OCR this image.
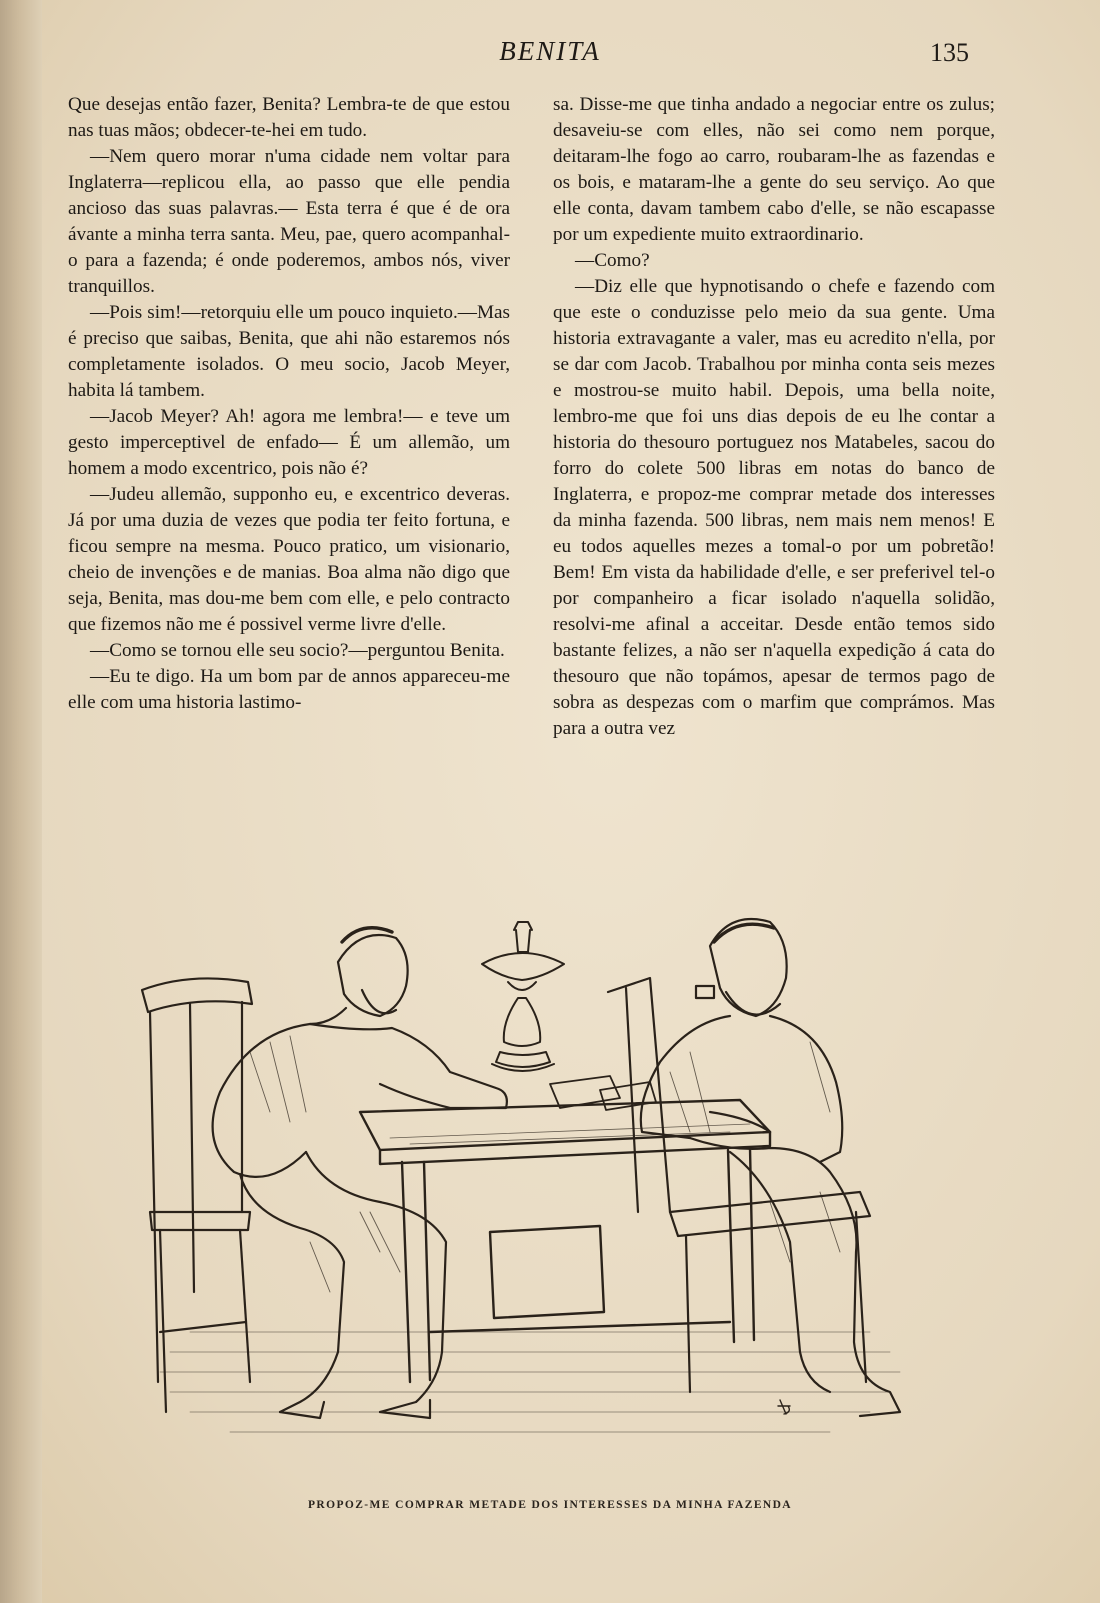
BENITA	135

Que desejas então fazer, Benita? Lembra-te de que estou nas tuas mãos; obdecer-te-hei em tudo.

—Nem quero morar n'uma cidade nem voltar para Inglaterra—replicou ella, ao passo que elle pendia ancioso das suas palavras.— Esta terra é que é de ora ávante a minha terra santa. Meu, pae, quero acompanhal-o para a fazenda; é onde poderemos, ambos nós, viver tranquillos.

—Pois sim!—retorquiu elle um pouco inquieto.—Mas é preciso que saibas, Benita, que ahi não estaremos nós completamente isolados. O meu socio, Jacob Meyer, habita lá tambem.

—Jacob Meyer? Ah! agora me lembra!— e teve um gesto imperceptivel de enfado— É um allemão, um homem a modo excentrico, pois não é?

—Judeu allemão, supponho eu, e excentrico deveras. Já por uma duzia de vezes que podia ter feito fortuna, e ficou sempre na mesma. Pouco pratico, um visionario, cheio de invenções e de manias. Boa alma não digo que seja, Benita, mas dou-me bem com elle, e pelo contracto que fizemos não me é possivel verme livre d'elle.

—Como se tornou elle seu socio?—perguntou Benita.

—Eu te digo. Ha um bom par de annos appareceu-me elle com uma historia lastimo-

sa. Disse-me que tinha andado a negociar entre os zulus; desaveiu-se com elles, não sei como nem porque, deitaram-lhe fogo ao carro, roubaram-lhe as fazendas e os bois, e mataram-lhe a gente do seu serviço. Ao que elle conta, davam tambem cabo d'elle, se não escapasse por um expediente muito extraordinario.

—Como?

—Diz elle que hypnotisando o chefe e fazendo com que este o conduzisse pelo meio da sua gente. Uma historia extravagante a valer, mas eu acredito n'ella, por se dar com Jacob. Trabalhou por minha conta seis mezes e mostrou-se muito habil. Depois, uma bella noite, lembro-me que foi uns dias depois de eu lhe contar a historia do thesouro portuguez nos Matabeles, sacou do forro do colete 500 libras em notas do banco de Inglaterra, e propoz-me comprar metade dos interesses da minha fazenda. 500 libras, nem mais nem menos! E eu todos aquelles mezes a tomal-o por um pobretão! Bem! Em vista da habilidade d'elle, e ser preferivel tel-o por companheiro a ficar isolado n'aquella solidão, resolvi-me afinal a acceitar. Desde então temos sido bastante felizes, a não ser n'aquella expedição á cata do thesouro que não topámos, apesar de termos pago de sobra as despezas com o marfim que comprámos. Mas para a outra vez

PROPOZ-ME COMPRAR METADE DOS INTERESSES DA MINHA FAZENDA
